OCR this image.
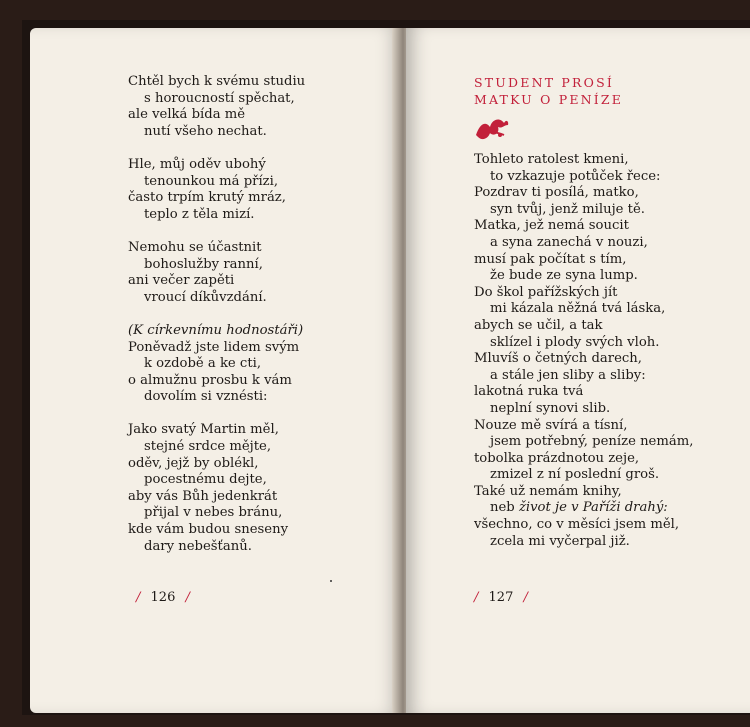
Chtěl bych k svému studiu
s horoucností spěchat,
ale velká bída mě
nutí všeho nechat.
Hle, můj oděv ubohý
tenounkou má přízi,
často trpím krutý mráz,
teplo z těla mizí.
Nemohu se účastnit
bohoslužby ranní,
ani večer zapěti
vroucí díkůvzdání.
(K církevnímu hodnostáři)
Poněvadž jste lidem svým
k ozdobě a ke cti,
o almužnu prosbu k vám
dovolím si vznésti:
Jako svatý Martin měl,
stejné srdce mějte,
oděv, jejž by oblékl,
pocestnému dejte,
aby vás Bůh jedenkrát
přijal v nebes bránu,
kde vám budou sneseny
dary nebešťanů.
/ 126 /
STUDENT PROSÍ
MATKU O PENÍZE
Tohleto ratolest kmeni,
to vzkazuje potůček řece:
Pozdrav ti posílá, matko,
syn tvůj, jenž miluje tě.
Matka, jež nemá soucit
a syna zanechá v nouzi,
musí pak počítat s tím,
že bude ze syna lump.
Do škol pařížských jít
mi kázala něžná tvá láska,
abych se učil, a tak
sklízel i plody svých vloh.
Mluvíš o četných darech,
a stále jen sliby a sliby:
lakotná ruka tvá
neplní synovi slib.
Nouze mě svírá a tísní,
jsem potřebný, peníze nemám,
tobolka prázdnotou zeje,
zmizel z ní poslední groš.
Také už nemám knihy,
neb život je v Paříži drahý:
všechno, co v měsíci jsem měl,
zcela mi vyčerpal již.
/ 127 /
